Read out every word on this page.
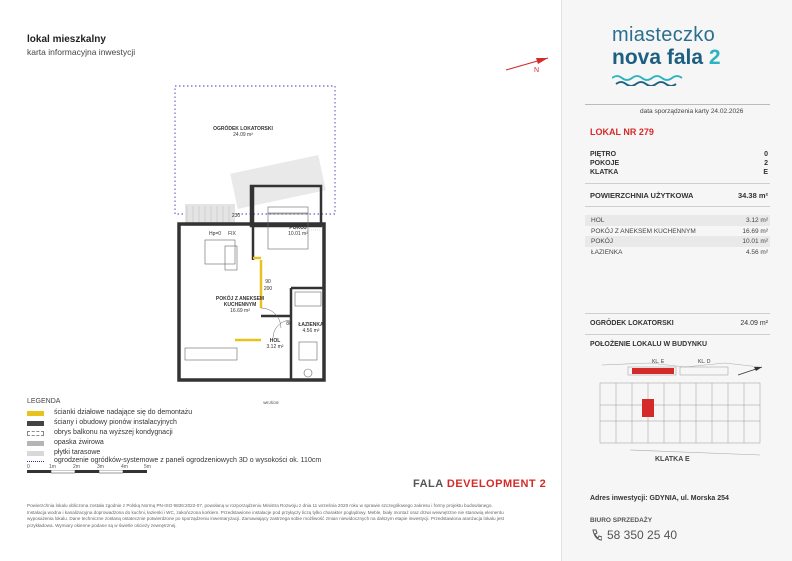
lokal mieszkalny
karta informacyjna inwestycji
N
OGRÓDEK LOKATORSKI
24.09 m²
POKÓJ
10.01 m²
POKÓJ Z ANEKSEM
KUCHENNYM
16.69 m²
ŁAZIENKA
4.56 m²
HOL
3.12 m²
Hp=0	FIX
90
200
80
230
WEJŚCIE
LEGENDA
ścianki działowe nadające się do demontażu
ściany i obudowy pionów instalacyjnych
obrys balkonu na wyższej kondygnacji
opaska żwirowa
płytki tarasowe
ogrodzenie ogródków-systemowe z paneli ogrodzeniowych 3D o wysokości ok. 110cm
0	1m	2m	3m	4m	5m
FALA DEVELOPMENT 2
Powierzchnia lokalu obliczona została zgodnie z Polską Normą PN-ISO 9836:2022-07, powołaną w rozporządzeniu Ministra Rozwoju z dnia 11 września 2020 roku w sprawie szczegółowego zakresu i formy projektu budowlanego. Instalacja wodna i kanalizacyjna doprowadzona do kuchni, łazienki i WC, zakończona korkiem. Przedstawione instalacje pod przyłączy liczą tylko charakter poglądowy. Meble, biały montaż oraz drzwi wewnętrzne nie stanowią elementu wyposażenia lokalu. Dane techniczne zostaną ostatecznie potwierdzone po sporządzeniu inwentaryzacji. Zamawiający zastrzega sobie możliwość zmian niewidocznych na dalszym etapie inwestycji. Przedstawiona aranżacja lokalu jest przykładowa. Wymiary okienne podane są w świetle ościeży zewnętrznej.
miasteczko
nova fala 2
data sporządzenia karty 24.02.2026
LOKAL NR 279
PIĘTRO	0
POKOJE	2
KLATKA	E
POWIERZCHNIA UŻYTKOWA	34.38 m²
HOL	3.12 m²
POKÓJ Z ANEKSEM KUCHENNYM	16.69 m²
POKÓJ	10.01 m²
ŁAZIENKA	4.56 m²
OGRÓDEK LOKATORSKI	24.09 m²
POŁOŻENIE LOKALU W BUDYNKU
KL. E	KL. D
KLATKA E
Adres inwestycji: GDYNIA, ul. Morska 254
BIURO SPRZEDAŻY
58 350 25 40
